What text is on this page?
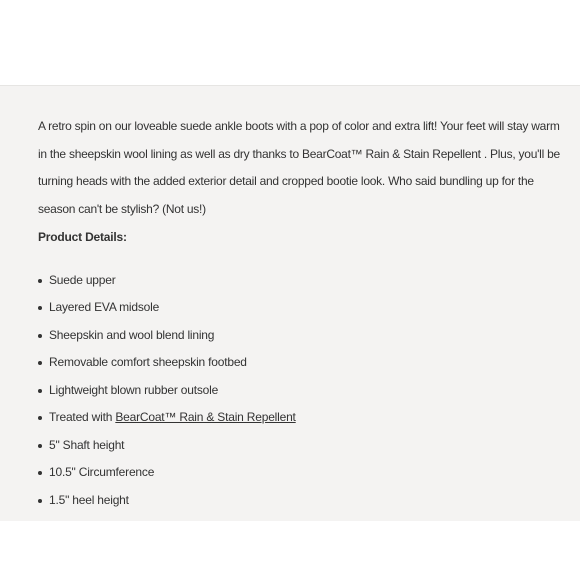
A retro spin on our loveable suede ankle boots with a pop of color and extra lift! Your feet will stay warm in the sheepskin wool lining as well as dry thanks to BearCoat™ Rain & Stain Repellent . Plus, you'll be turning heads with the added exterior detail and cropped bootie look. Who said bundling up for the season can't be stylish? (Not us!)

Product Details:
Suede upper
Layered EVA midsole
Sheepskin and wool blend lining
Removable comfort sheepskin footbed
Lightweight blown rubber outsole
Treated with BearCoat™ Rain & Stain Repellent
5" Shaft height
10.5" Circumference
1.5" heel height
